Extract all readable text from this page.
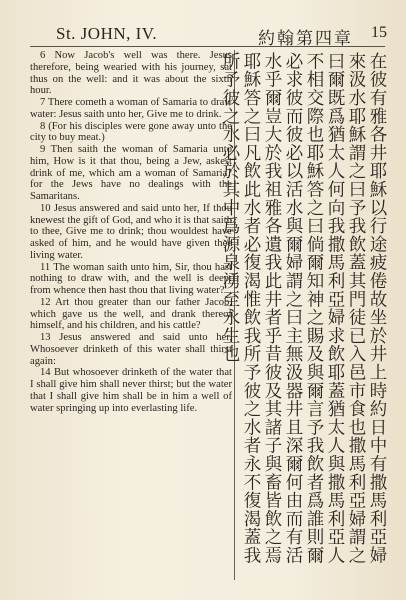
St. JOHN, IV.	約翰第四章 15

6 Now Jacob's well was there. Jesus therefore, being wearied with his journey, sat thus on the well: and it was about the sixth hour.

7 There cometh a woman of Samaria to draw water: Jesus saith unto her, Give me to drink.

8 (For his disciples were gone away unto the city to buy meat.)

9 Then saith the woman of Samaria unto him, How is it that thou, being a Jew, askest drink of me, which am a woman of Samaria? for the Jews have no dealings with the Samaritans.

10 Jesus answered and said unto her, If thou knewest the gift of God, and who it is that saith to thee, Give me to drink; thou wouldest have asked of him, and he would have given thee living water.

11 The woman saith unto him, Sir, thou hast nothing to draw with, and the well is deep: from whence then hast thou that living water?

12 Art thou greater than our father Jacob, which gave us the well, and drank thereof himself, and his children, and his cattle?

13 Jesus answered and said unto her, Whosoever drinketh of this water shall thirst again:

14 But whosoever drinketh of the water that I shall give him shall never thirst; but the water that I shall give him shall be in him a well of water springing up into everlasting life.	在彼有雅各井耶穌以行途疲倦故坐於井上時約日中有撒馬利亞婦來汲水耶穌謂之曰予我飲蓋其門徒已入邑市食也撒馬利亞婦謂之曰爾既爲猶太人何向我撒馬利亞婦求飲耶蓋猶太人與撒馬利亞人不相交際也耶穌答之曰倘爾知神之賜及與爾言予我飲者爲誰則爾必求彼而彼必以活水與爾婦謂之曰主無汲器井且深爾何由而有活水乎爾豈大於我祖雅各遺我此井者乎昔彼及其諸子與畜皆飲之焉耶穌答之曰凡飲此水者必復渴惟飲我所予彼之水者永不復渴蓋我所予彼之水必於其中爲源泉湧至永生也
